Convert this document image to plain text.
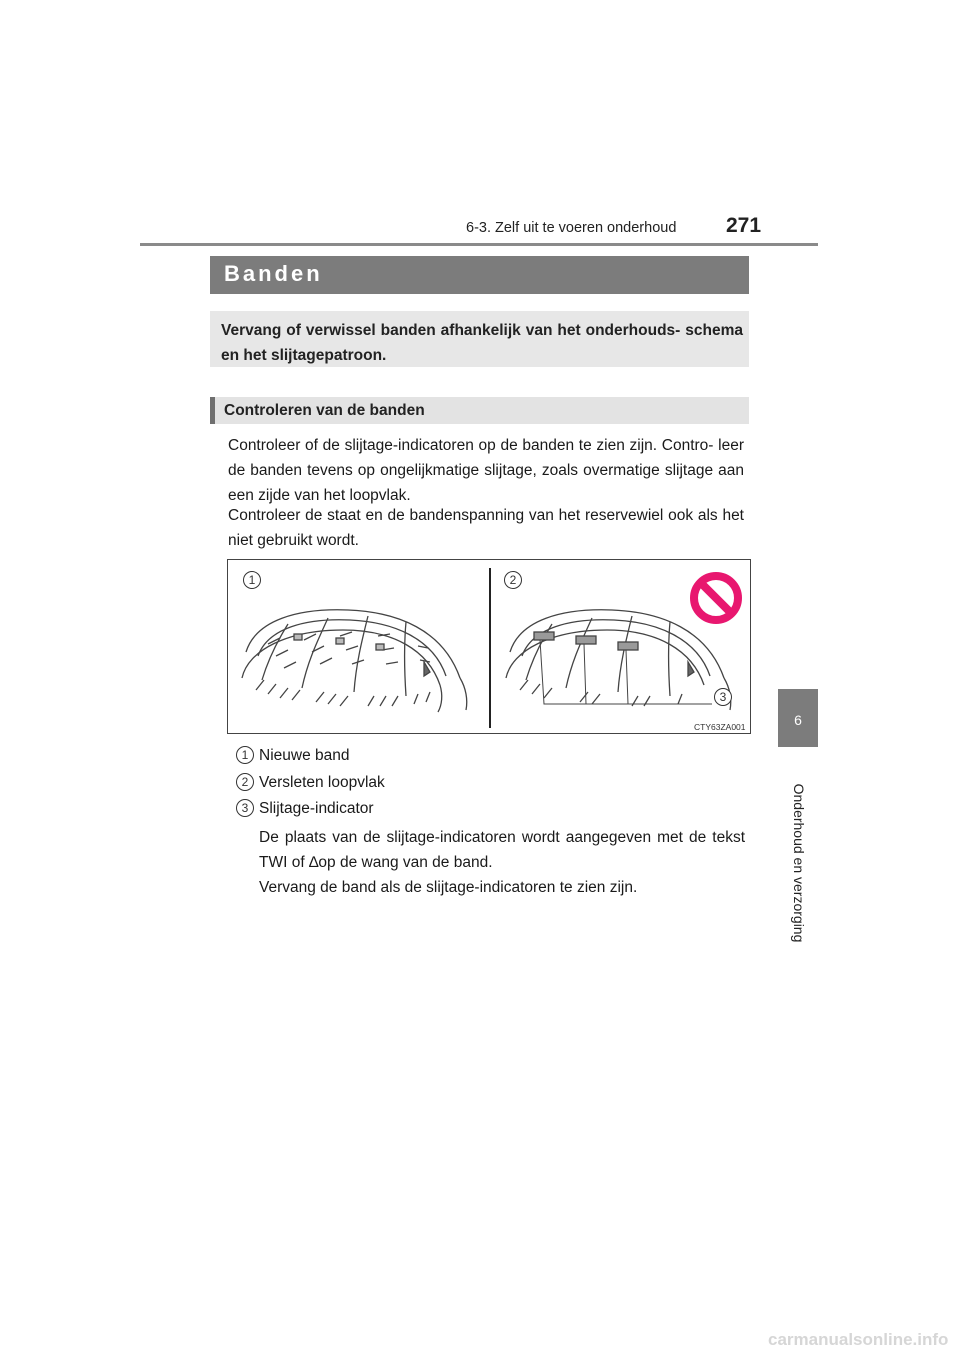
6-3. Zelf uit te voeren onderhoud 271
6
Onderhoud en verzorging
Banden
Vervang of verwissel banden afhankelijk van het onderhouds- schema en het slijtagepatroon.
Controleren van de banden
Controleer of de slijtage-indicatoren op de banden te zien zijn. Contro- leer de banden tevens op ongelijkmatige slijtage, zoals overmatige slijtage aan een zijde van het loopvlak.
Controleer de staat en de bandenspanning van het reservewiel ook als het niet gebruikt wordt.
1	2
3
CTY63ZA001
1 Nieuwe band
2 Versleten loopvlak
3 Slijtage-indicator
De plaats van de slijtage-indicatoren wordt aangegeven met de tekst TWI of ∆op de wang van de band.
Vervang de band als de slijtage-indicatoren te zien zijn.
carmanualsonline.info
